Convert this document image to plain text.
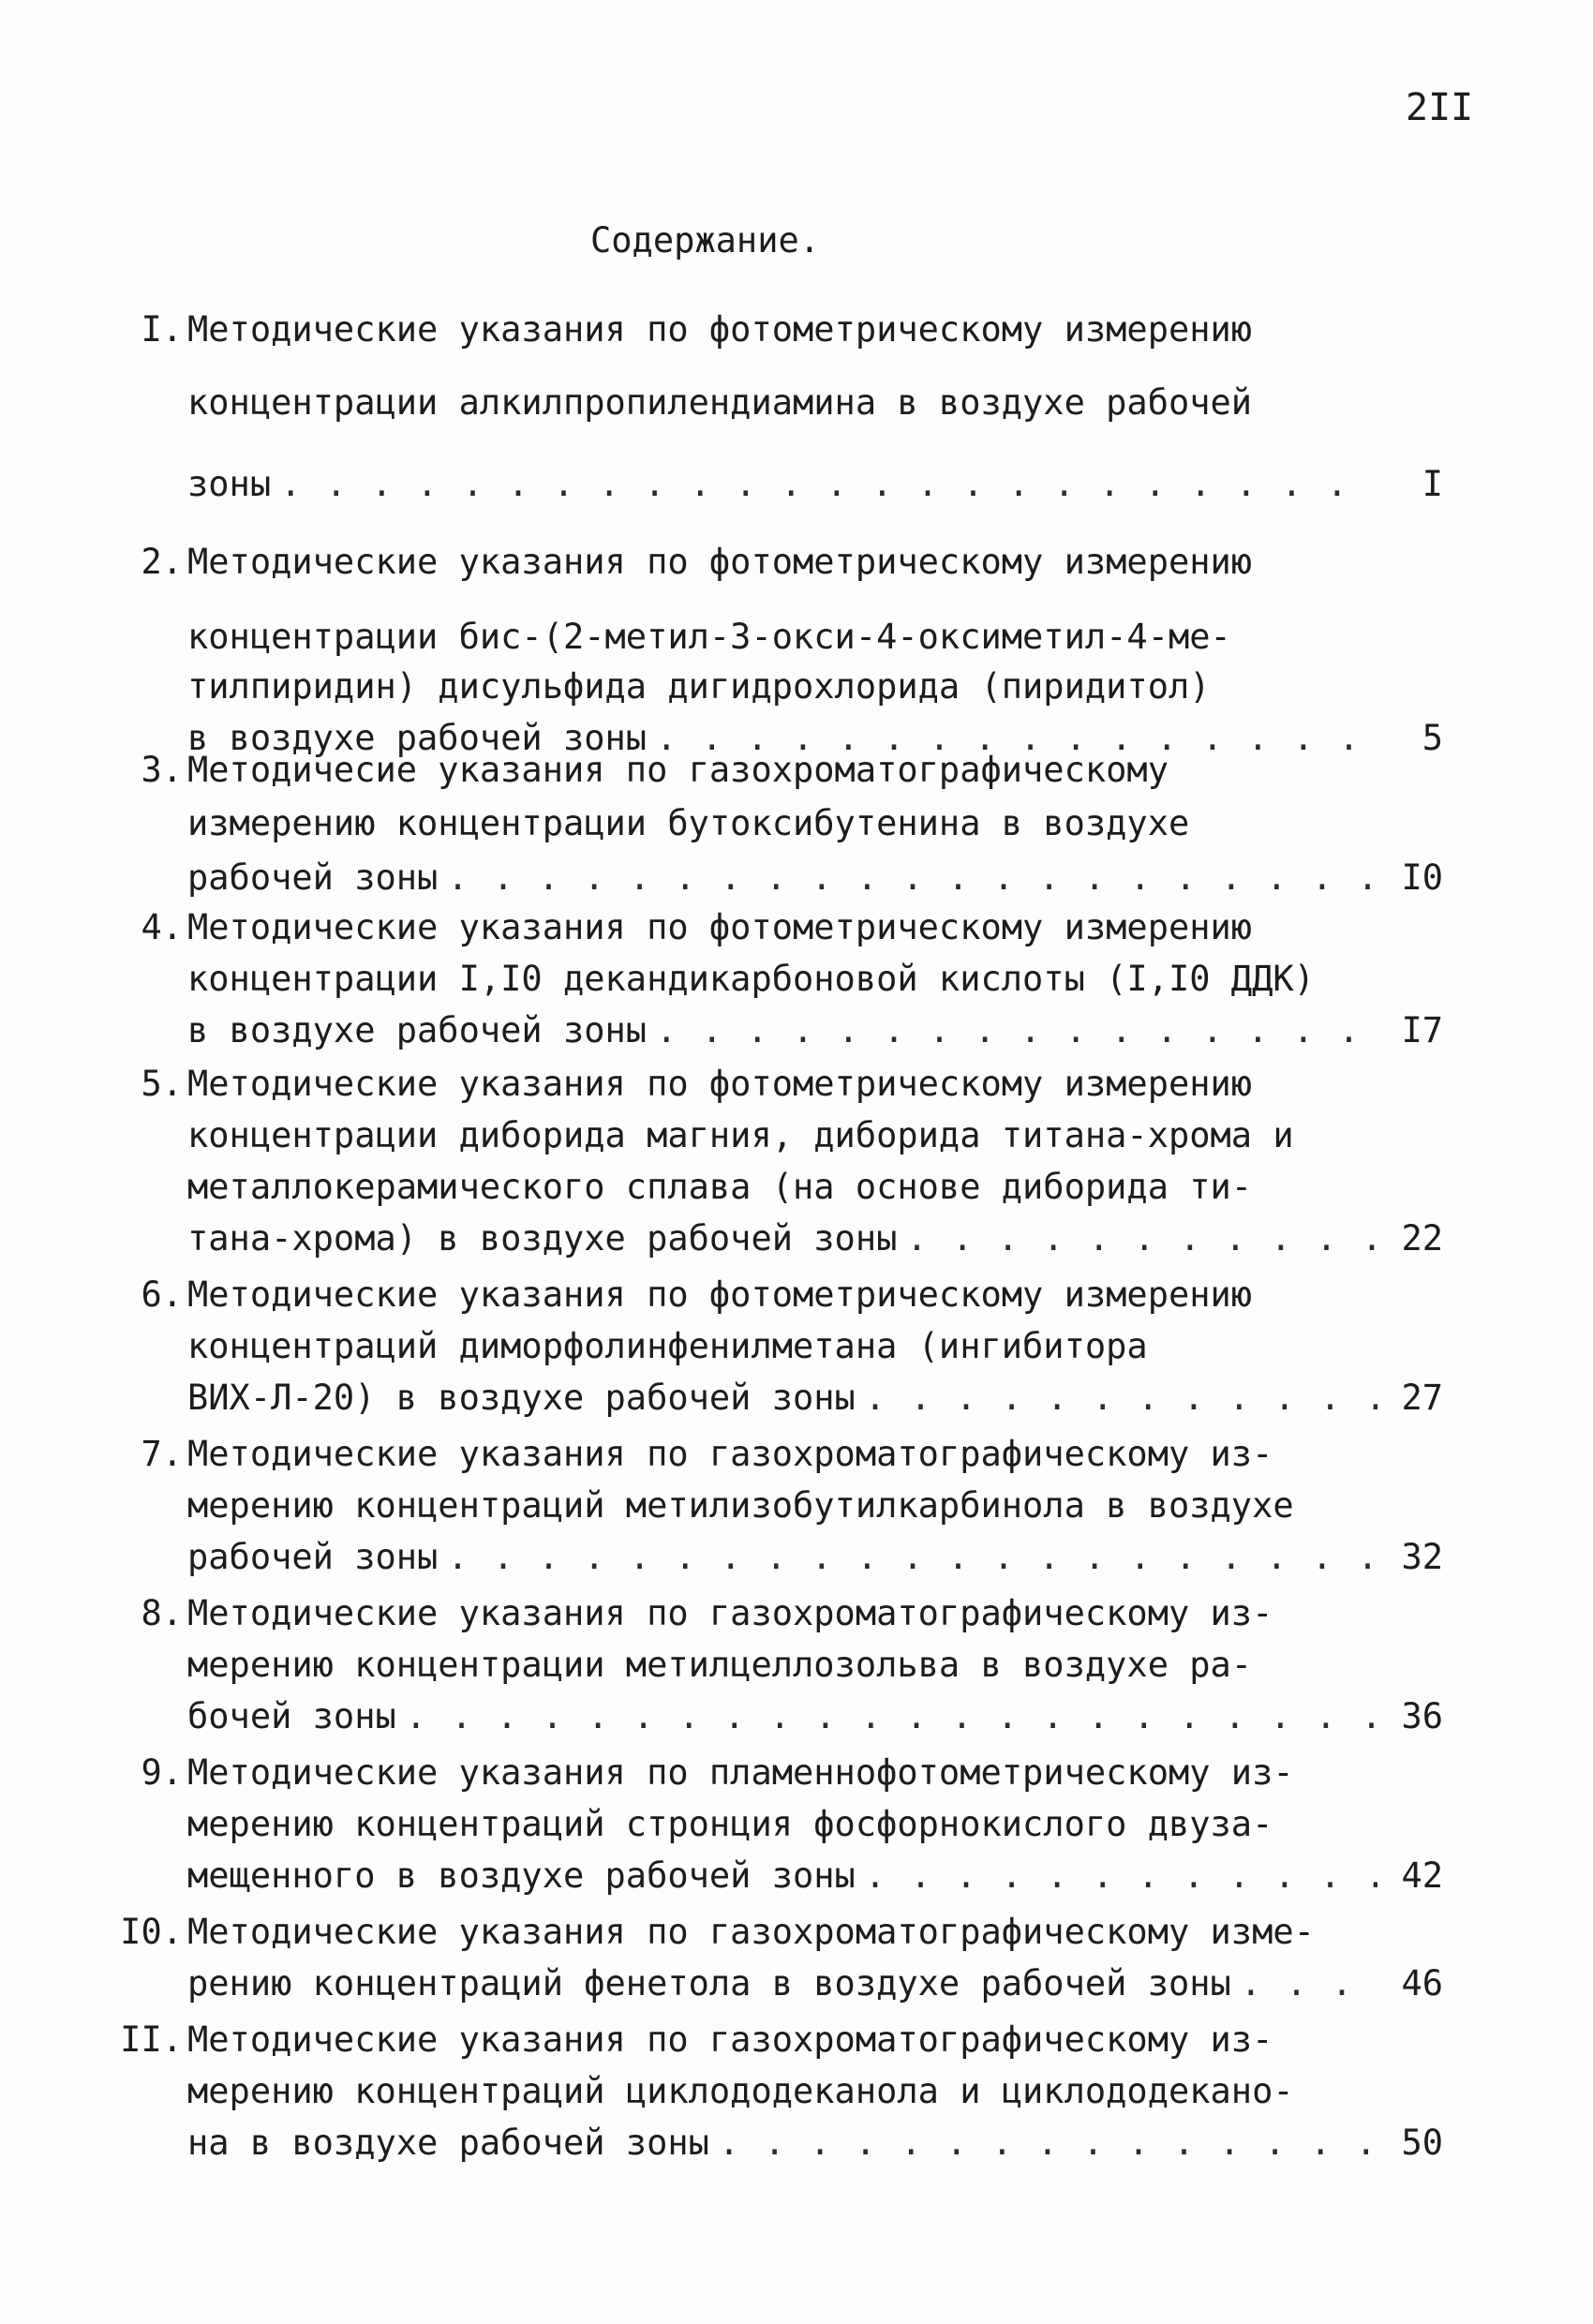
2II
Содержание.
I. Методические указания по фотометрическому измерению
концентрации алкилпропилендиамина в воздухе рабочей
зоны . . .	I
2. Методические указания по фотометрическому измерению
концентрации бис-(2-метил-3-окси-4-оксиметил-4-ме-
тилпиридин) дисульфида дигидрохлорида (пиридитол)
в воздухе рабочей зоны . . .	5
3. Методичесие указания по газохроматографическому
измерению концентрации бутоксибутенина в воздухе
рабочей зоны . . .	I0
4. Методические указания по фотометрическому измерению
концентрации I,I0 декандикарбоновой кислоты (I,I0 ДДК)
в воздухе рабочей зоны . . .	I7
5. Методические указания по фотометрическому измерению
концентрации диборида магния, диборида титана-хрома и
металлокерамического сплава (на основе диборида ти-
тана-хрома) в воздухе рабочей зоны . . .	22
6. Методические указания по фотометрическому измерению
концентраций диморфолинфенилметана (ингибитора
ВИХ-Л-20) в воздухе рабочей зоны . . .	27
7. Методические указания по газохроматографическому из-
мерению концентраций метилизобутилкарбинола в воздухе
рабочей зоны . . .	32
8. Методические указания по газохроматографическому из-
мерению концентрации метилцеллозольва в воздухе ра-
бочей зоны . . .	36
9. Методические указания по пламеннофотометрическому из-
мерению концентраций стронция фосфорнокислого двуза-
мещенного в воздухе рабочей зоны . . .	42
I0. Методические указания по газохроматографическому изме-
рению концентраций фенетола в воздухе рабочей зоны . . .	46
II. Методические указания по газохроматографическому из-
мерению концентраций циклододеканола и циклододекано-
на в воздухе рабочей зоны . . .	50
